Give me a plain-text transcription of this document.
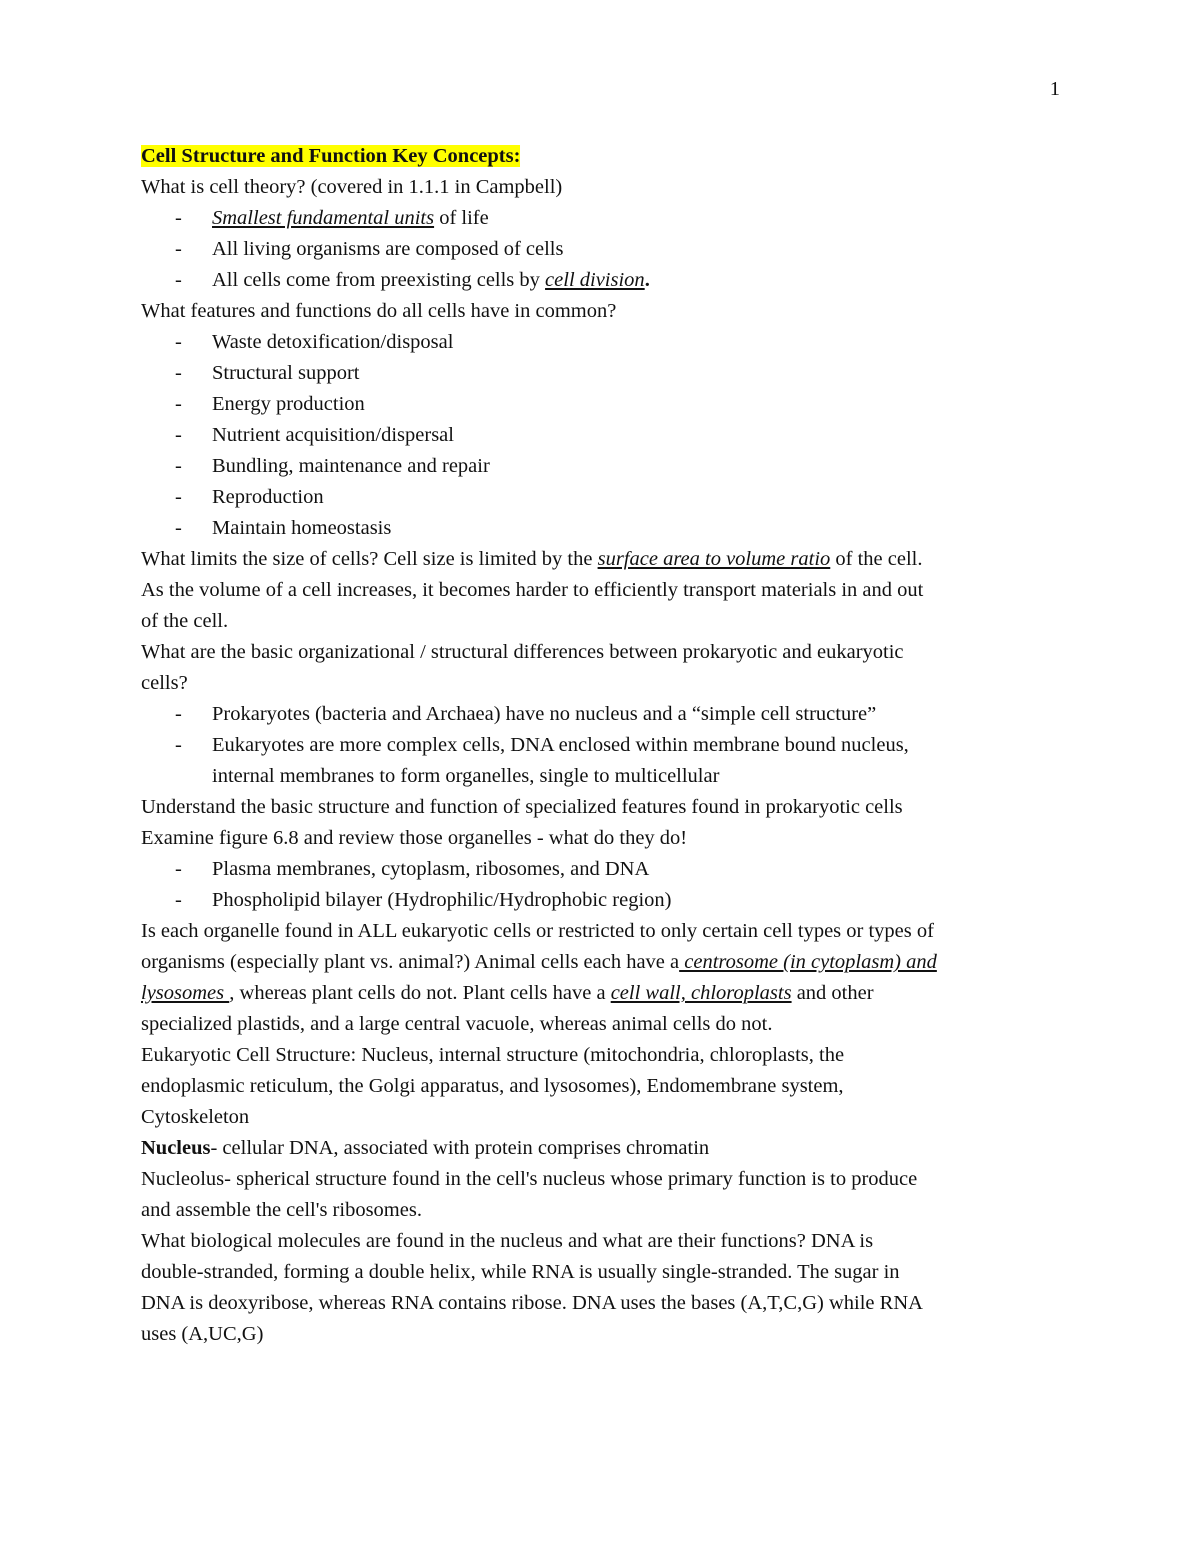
1
Cell Structure and Function Key Concepts:
What is cell theory? (covered in 1.1.1 in Campbell)
- Smallest fundamental units of life
- All living organisms are composed of cells
- All cells come from preexisting cells by cell division.
What features and functions do all cells have in common?
- Waste detoxification/disposal
- Structural support
- Energy production
- Nutrient acquisition/dispersal
- Bundling, maintenance and repair
- Reproduction
- Maintain homeostasis
What limits the size of cells? Cell size is limited by the surface area to volume ratio of the cell.
As the volume of a cell increases, it becomes harder to efficiently transport materials in and out
of the cell.
What are the basic organizational / structural differences between prokaryotic and eukaryotic
cells?
- Prokaryotes (bacteria and Archaea) have no nucleus and a “simple cell structure”
- Eukaryotes are more complex cells, DNA enclosed within membrane bound nucleus,
internal membranes to form organelles, single to multicellular
Understand the basic structure and function of specialized features found in prokaryotic cells
Examine figure 6.8 and review those organelles - what do they do!
- Plasma membranes, cytoplasm, ribosomes, and DNA
- Phospholipid bilayer (Hydrophilic/Hydrophobic region)
Is each organelle found in ALL eukaryotic cells or restricted to only certain cell types or types of
organisms (especially plant vs. animal?) Animal cells each have a centrosome (in cytoplasm) and
lysosomes , whereas plant cells do not. Plant cells have a cell wall, chloroplasts and other
specialized plastids, and a large central vacuole, whereas animal cells do not.
Eukaryotic Cell Structure: Nucleus, internal structure (mitochondria, chloroplasts, the
endoplasmic reticulum, the Golgi apparatus, and lysosomes), Endomembrane system,
Cytoskeleton
Nucleus- cellular DNA, associated with protein comprises chromatin
Nucleolus- spherical structure found in the cell's nucleus whose primary function is to produce
and assemble the cell's ribosomes.
What biological molecules are found in the nucleus and what are their functions? DNA is
double-stranded, forming a double helix, while RNA is usually single-stranded. The sugar in
DNA is deoxyribose, whereas RNA contains ribose. DNA uses the bases (A,T,C,G) while RNA
uses (A,UC,G)
